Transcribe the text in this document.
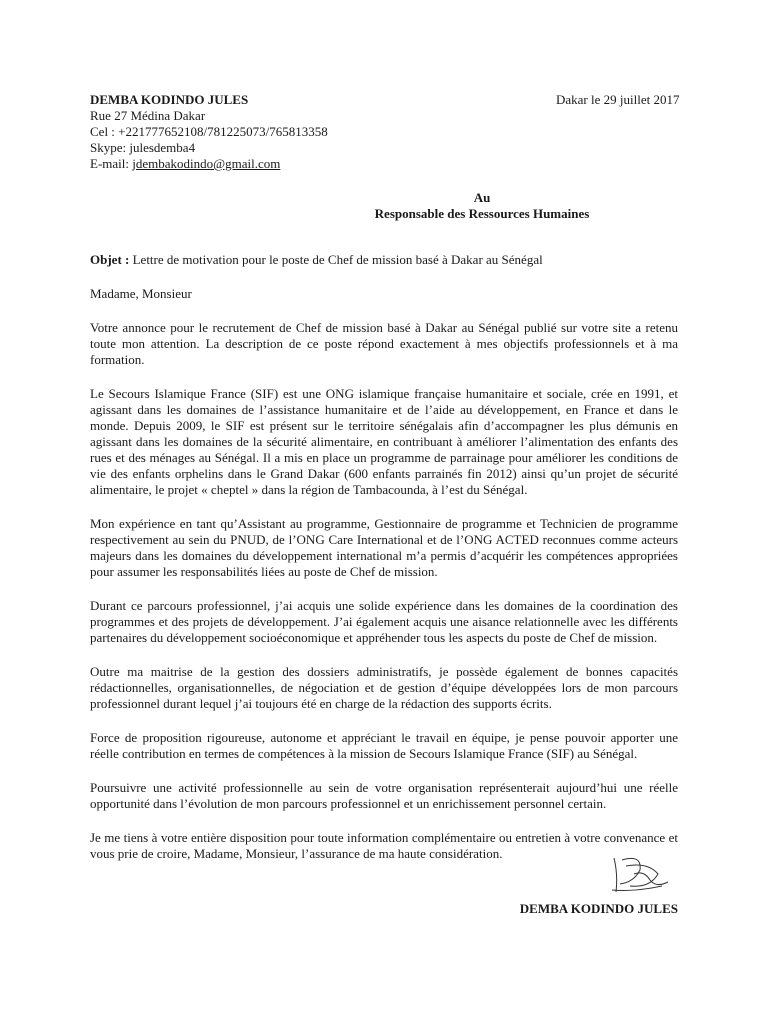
DEMBA KODINDO JULES
Rue 27 Médina Dakar
Cel : +221777652108/781225073/765813358
Skype: julesdemba4
E-mail: jdembakodindo@gmail.com
Dakar le 29 juillet 2017
Au
Responsable des Ressources Humaines

Objet : Lettre de motivation pour le poste de Chef de mission basé à Dakar au Sénégal

Madame, Monsieur

Votre annonce pour le recrutement de Chef de mission basé à Dakar au Sénégal publié sur votre site a retenu toute mon attention. La description de ce poste répond exactement à mes objectifs professionnels et à ma formation.

Le Secours Islamique France (SIF) est une ONG islamique française humanitaire et sociale, crée en 1991, et agissant dans les domaines de l’assistance humanitaire et de l’aide au développement, en France et dans le monde. Depuis 2009, le SIF est présent sur le territoire sénégalais afin d’accompagner les plus démunis en agissant dans les domaines de la sécurité alimentaire, en contribuant à améliorer l’alimentation des enfants des rues et des ménages au Sénégal. Il a mis en place un programme de parrainage pour améliorer les conditions de vie des enfants orphelins dans le Grand Dakar (600 enfants parrainés fin 2012) ainsi qu’un projet de sécurité alimentaire, le projet « cheptel » dans la région de Tambacounda, à l’est du Sénégal.

Mon expérience en tant qu’Assistant au programme, Gestionnaire de programme et Technicien de programme respectivement au sein du PNUD, de l’ONG Care International et de l’ONG ACTED reconnues comme acteurs majeurs dans les domaines du développement international m’a permis d’acquérir les compétences appropriées pour assumer les responsabilités liées au poste de Chef de mission.

Durant ce parcours professionnel, j’ai acquis une solide expérience dans les domaines de la coordination des programmes et des projets de développement. J’ai également acquis une aisance relationnelle avec les différents partenaires du développement socioéconomique et appréhender tous les aspects du poste de Chef de mission.

Outre ma maitrise de la gestion des dossiers administratifs, je possède également de bonnes capacités rédactionnelles, organisationnelles, de négociation et de gestion d’équipe développées lors de mon parcours professionnel durant lequel j’ai toujours été en charge de la rédaction des supports écrits.

Force de proposition rigoureuse, autonome et appréciant le travail en équipe, je pense pouvoir apporter une réelle contribution en termes de compétences à la mission de Secours Islamique France (SIF) au Sénégal.

Poursuivre une activité professionnelle au sein de votre organisation représenterait aujourd’hui une réelle opportunité dans l’évolution de mon parcours professionnel et un enrichissement personnel certain.

Je me tiens à votre entière disposition pour toute information complémentaire ou entretien à votre convenance et vous prie de croire, Madame, Monsieur, l’assurance de ma haute considération.

DEMBA KODINDO JULES
